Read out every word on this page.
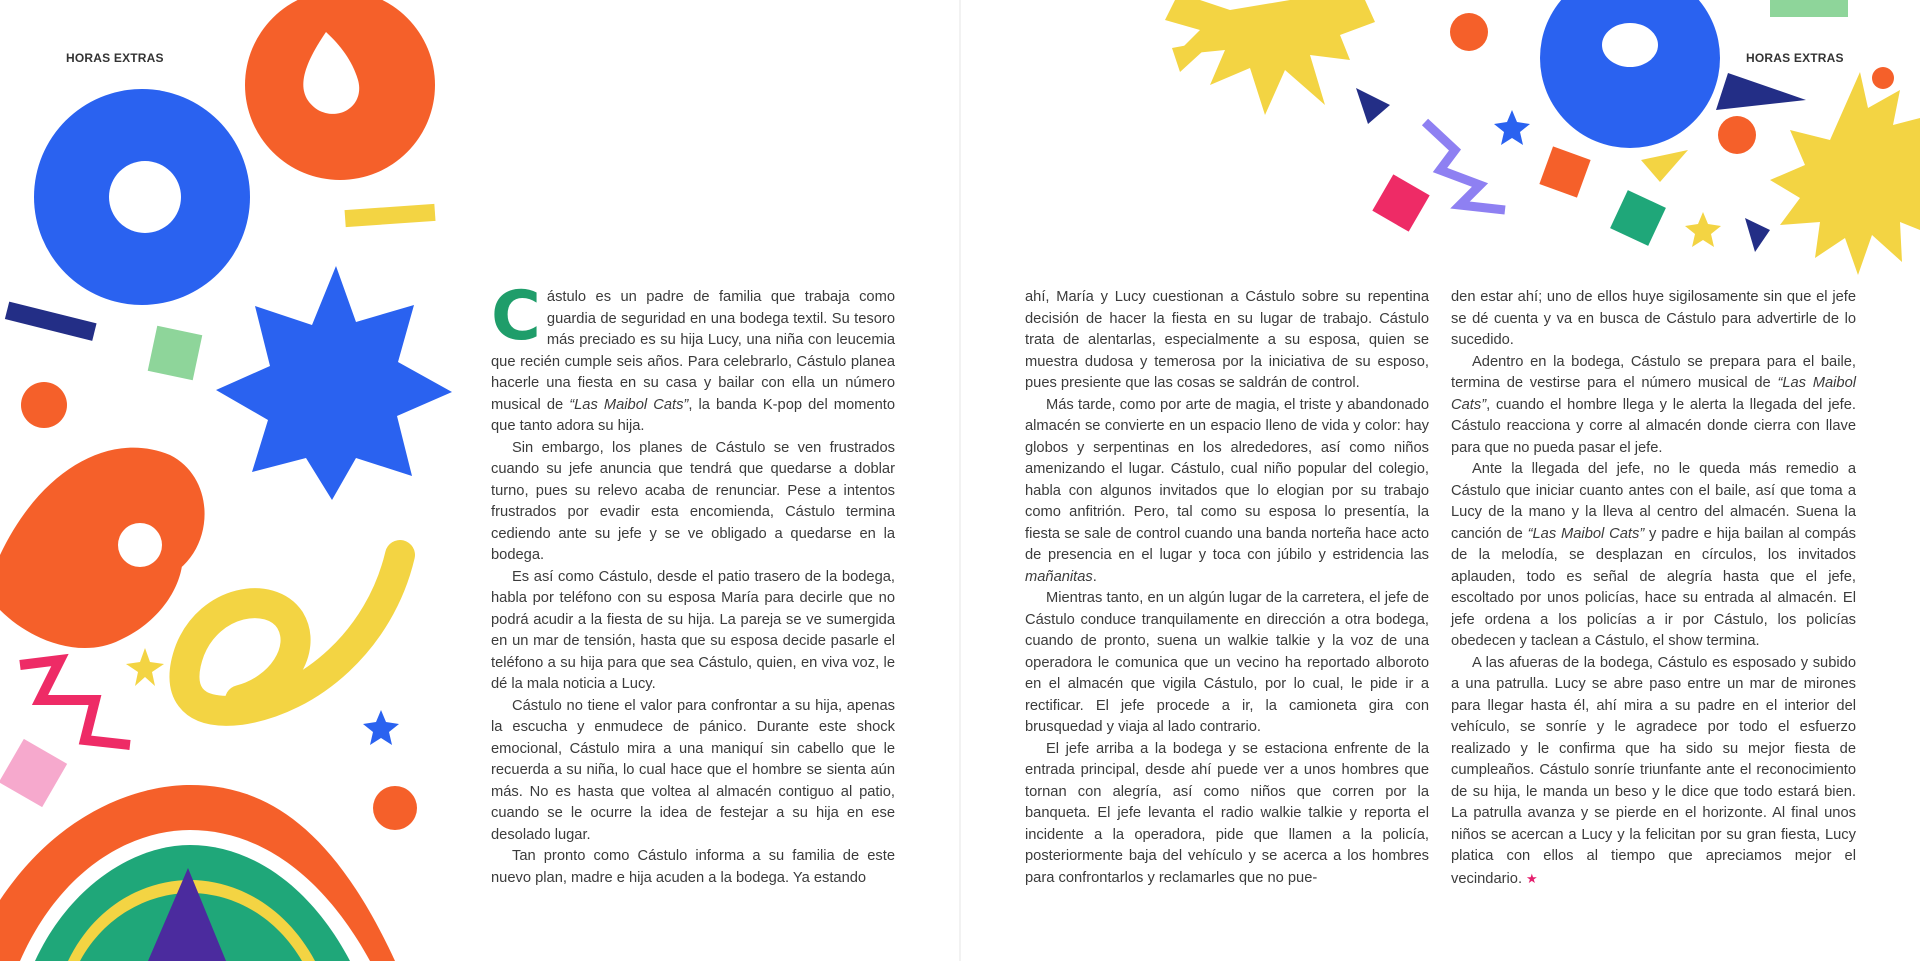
HORAS EXTRAS	HORAS EXTRAS

Cástulo es un padre de familia que trabaja como guardia de seguridad en una bodega textil. Su tesoro más preciado es su hija Lucy, una niña con leucemia que recién cumple seis años. Para celebrarlo, Cástulo planea hacerle una fiesta en su casa y bailar con ella un número musical de “Las Maibol Cats”, la banda K-pop del momento que tanto adora su hija.

Sin embargo, los planes de Cástulo se ven frustrados cuando su jefe anuncia que tendrá que quedarse a doblar turno, pues su relevo acaba de renunciar. Pese a intentos frustrados por evadir esta encomienda, Cástulo termina cediendo ante su jefe y se ve obligado a quedarse en la bodega.

Es así como Cástulo, desde el patio trasero de la bodega, habla por teléfono con su esposa María para decirle que no podrá acudir a la fiesta de su hija. La pareja se ve sumergida en un mar de tensión, hasta que su esposa decide pasarle el teléfono a su hija para que sea Cástulo, quien, en viva voz, le dé la mala noticia a Lucy.

Cástulo no tiene el valor para confrontar a su hija, apenas la escucha y enmudece de pánico. Durante este shock emocional, Cástulo mira a una maniquí sin cabello que le recuerda a su niña, lo cual hace que el hombre se sienta aún más. No es hasta que voltea al almacén contiguo al patio, cuando se le ocurre la idea de festejar a su hija en ese desolado lugar.

Tan pronto como Cástulo informa a su familia de este nuevo plan, madre e hija acuden a la bodega. Ya estando

ahí, María y Lucy cuestionan a Cástulo sobre su repentina decisión de hacer la fiesta en su lugar de trabajo. Cástulo trata de alentarlas, especialmente a su esposa, quien se muestra dudosa y temerosa por la iniciativa de su esposo, pues presiente que las cosas se saldrán de control.

Más tarde, como por arte de magia, el triste y abandonado almacén se convierte en un espacio lleno de vida y color: hay globos y serpentinas en los alrededores, así como niños amenizando el lugar. Cástulo, cual niño popular del colegio, habla con algunos invitados que lo elogian por su trabajo como anfitrión. Pero, tal como su esposa lo presentía, la fiesta se sale de control cuando una banda norteña hace acto de presencia en el lugar y toca con júbilo y estridencia las mañanitas.

Mientras tanto, en un algún lugar de la carretera, el jefe de Cástulo conduce tranquilamente en dirección a otra bodega, cuando de pronto, suena un walkie talkie y la voz de una operadora le comunica que un vecino ha reportado alboroto en el almacén que vigila Cástulo, por lo cual, le pide ir a rectificar. El jefe procede a ir, la camioneta gira con brusquedad y viaja al lado contrario.

El jefe arriba a la bodega y se estaciona enfrente de la entrada principal, desde ahí puede ver a unos hombres que tornan con alegría, así como niños que corren por la banqueta. El jefe levanta el radio walkie talkie y reporta el incidente a la operadora, pide que llamen a la policía, posteriormente baja del vehículo y se acerca a los hombres para confrontarlos y reclamarles que no pue-

den estar ahí; uno de ellos huye sigilosamente sin que el jefe se dé cuenta y va en busca de Cástulo para advertirle de lo sucedido.

Adentro en la bodega, Cástulo se prepara para el baile, termina de vestirse para el número musical de “Las Maibol Cats”, cuando el hombre llega y le alerta la llegada del jefe. Cástulo reacciona y corre al almacén donde cierra con llave para que no pueda pasar el jefe.

Ante la llegada del jefe, no le queda más remedio a Cástulo que iniciar cuanto antes con el baile, así que toma a Lucy de la mano y la lleva al centro del almacén. Suena la canción de “Las Maibol Cats” y padre e hija bailan al compás de la melodía, se desplazan en círculos, los invitados aplauden, todo es señal de alegría hasta que el jefe, escoltado por unos policías, hace su entrada al almacén. El jefe ordena a los policías a ir por Cástulo, los policías obedecen y taclean a Cástulo, el show termina.

A las afueras de la bodega, Cástulo es esposado y subido a una patrulla. Lucy se abre paso entre un mar de mirones para llegar hasta él, ahí mira a su padre en el interior del vehículo, se sonríe y le agradece por todo el esfuerzo realizado y le confirma que ha sido su mejor fiesta de cumpleaños. Cástulo sonríe triunfante ante el reconocimiento de su hija, le manda un beso y le dice que todo estará bien. La patrulla avanza y se pierde en el horizonte. Al final unos niños se acercan a Lucy y la felicitan por su gran fiesta, Lucy platica con ellos al tiempo que apreciamos mejor el vecindario. ★
